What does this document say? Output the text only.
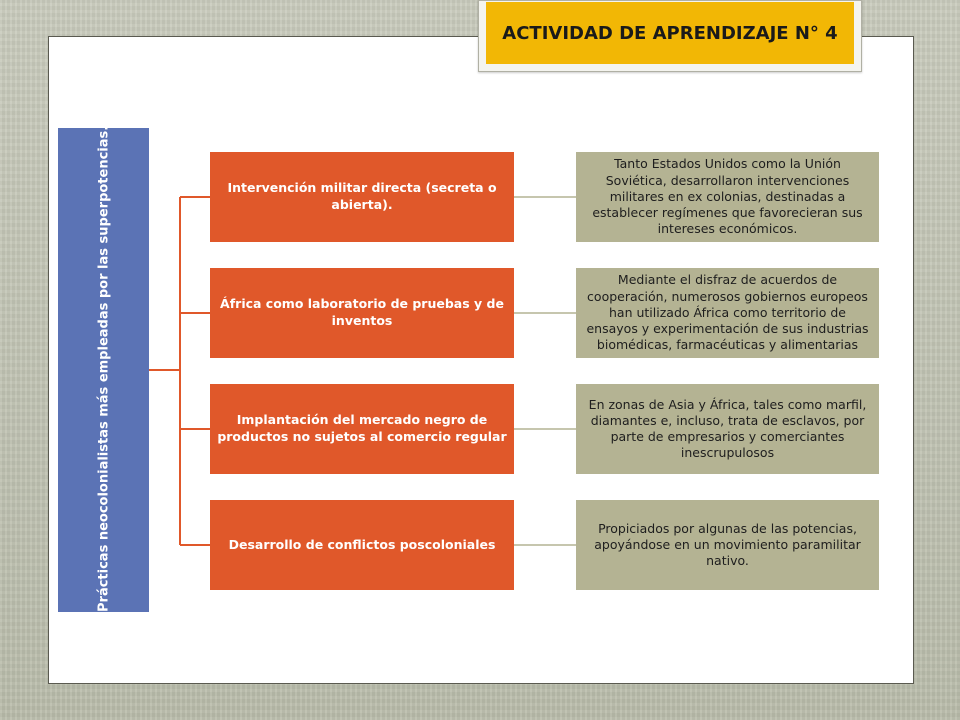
ACTIVIDAD DE APRENDIZAJE N° 4
Prácticas neocolonialistas más empleadas por las superpotencias.	Intervención militar directa (secreta o abierta).
Tanto Estados Unidos como la Unión Soviética, desarrollaron intervenciones militares en ex colonias, destinadas a establecer regímenes que favorecieran sus intereses económicos.
África como laboratorio de pruebas y de inventos
Mediante el disfraz de acuerdos de cooperación, numerosos gobiernos europeos han utilizado África como territorio de ensayos y experimentación de sus industrias biomédicas, farmacéuticas y alimentarias
Implantación del mercado negro de productos no sujetos al comercio regular
En zonas de Asia y África, tales como marfil, diamantes e, incluso, trata de esclavos, por parte de empresarios y comerciantes inescrupulosos
Desarrollo de conflictos poscoloniales
Propiciados por algunas de las potencias, apoyándose en un movimiento paramilitar nativo.
